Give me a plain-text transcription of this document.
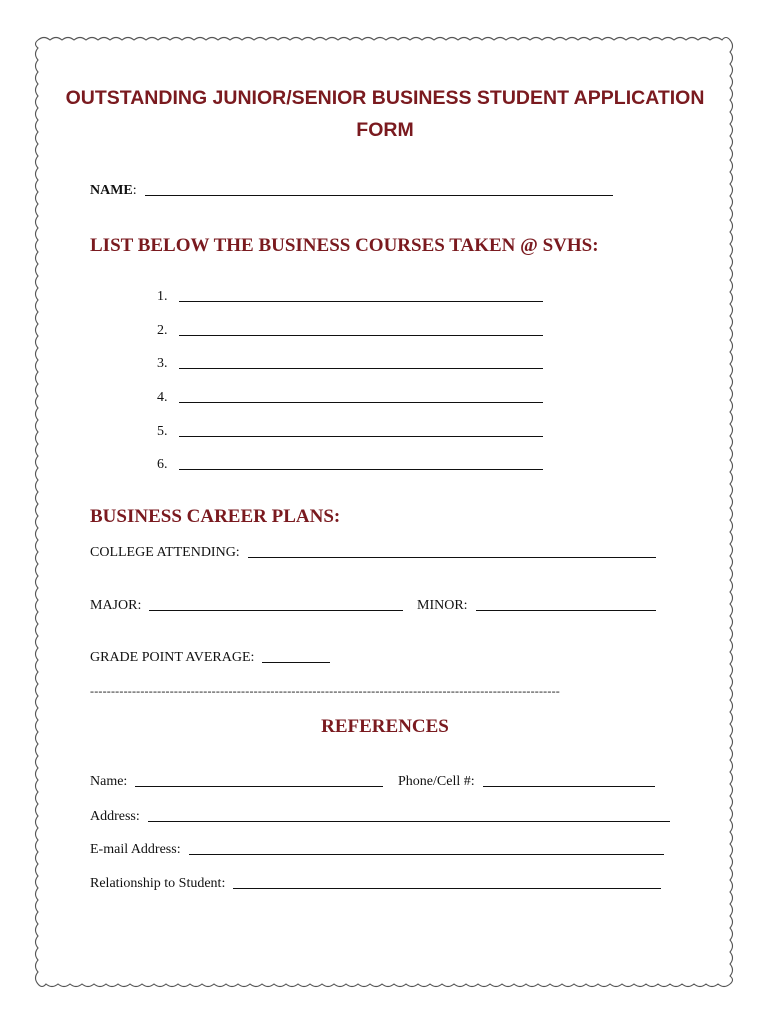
OUTSTANDING JUNIOR/SENIOR BUSINESS STUDENT APPLICATION
FORM
NAME :
LIST BELOW THE BUSINESS COURSES TAKEN @ SVHS:
1.
2.
3.
4.
5.
6.
BUSINESS CAREER PLANS:
COLLEGE ATTENDING:
MAJOR:	MINOR:
GRADE POINT AVERAGE:
----------------------------------------------------------------------------------------------------------------
REFERENCES
Name:	Phone/Cell #:
Address:
E-mail Address:
Relationship to Student:
